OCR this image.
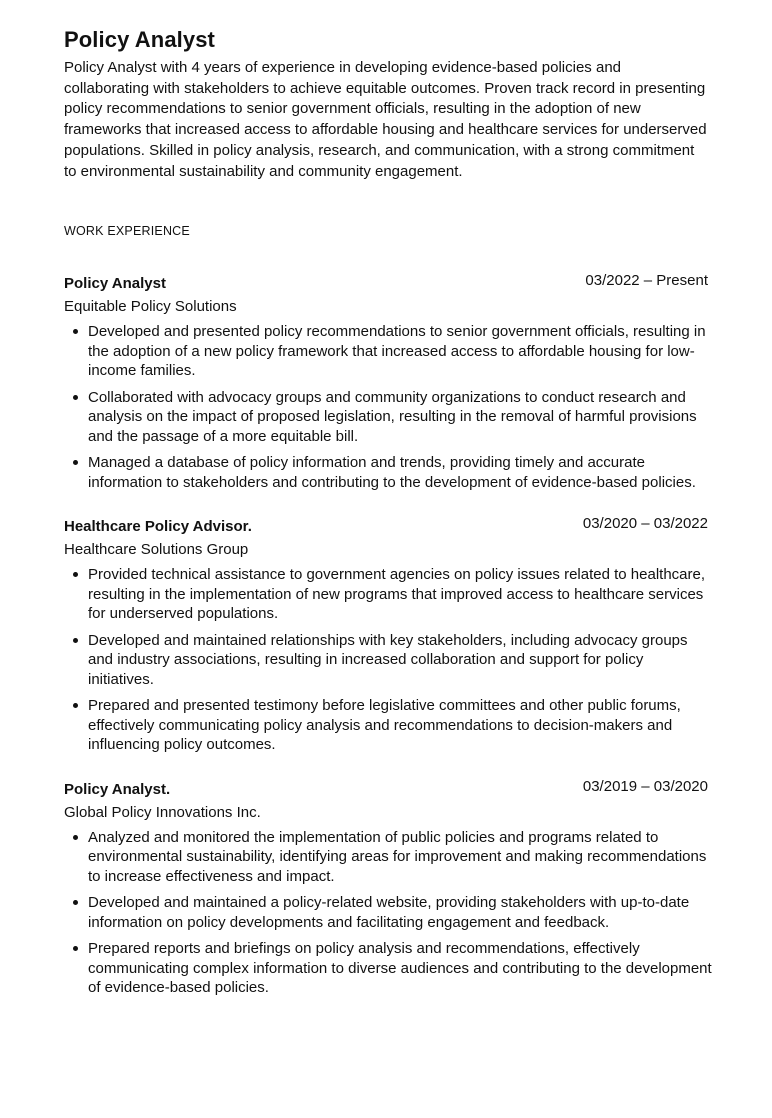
Policy Analyst

Policy Analyst with 4 years of experience in developing evidence-based policies and collaborating with stakeholders to achieve equitable outcomes. Proven track record in presenting policy recommendations to senior government officials, resulting in the adoption of new frameworks that increased access to affordable housing and healthcare services for underserved populations. Skilled in policy analysis, research, and communication, with a strong commitment to environmental sustainability and community engagement.

WORK EXPERIENCE
Policy Analyst	03/2022 – Present
Equitable Policy Solutions
Developed and presented policy recommendations to senior government officials, resulting in the adoption of a new policy framework that increased access to affordable housing for low-income families.
Collaborated with advocacy groups and community organizations to conduct research and analysis on the impact of proposed legislation, resulting in the removal of harmful provisions and the passage of a more equitable bill.
Managed a database of policy information and trends, providing timely and accurate information to stakeholders and contributing to the development of evidence-based policies.
Healthcare Policy Advisor.	03/2020 – 03/2022
Healthcare Solutions Group
Provided technical assistance to government agencies on policy issues related to healthcare, resulting in the implementation of new programs that improved access to healthcare services for underserved populations.
Developed and maintained relationships with key stakeholders, including advocacy groups and industry associations, resulting in increased collaboration and support for policy initiatives.
Prepared and presented testimony before legislative committees and other public forums, effectively communicating policy analysis and recommendations to decision-makers and influencing policy outcomes.
Policy Analyst.	03/2019 – 03/2020
Global Policy Innovations Inc.
Analyzed and monitored the implementation of public policies and programs related to environmental sustainability, identifying areas for improvement and making recommendations to increase effectiveness and impact.
Developed and maintained a policy-related website, providing stakeholders with up-to-date information on policy developments and facilitating engagement and feedback.
Prepared reports and briefings on policy analysis and recommendations, effectively communicating complex information to diverse audiences and contributing to the development of evidence-based policies.
